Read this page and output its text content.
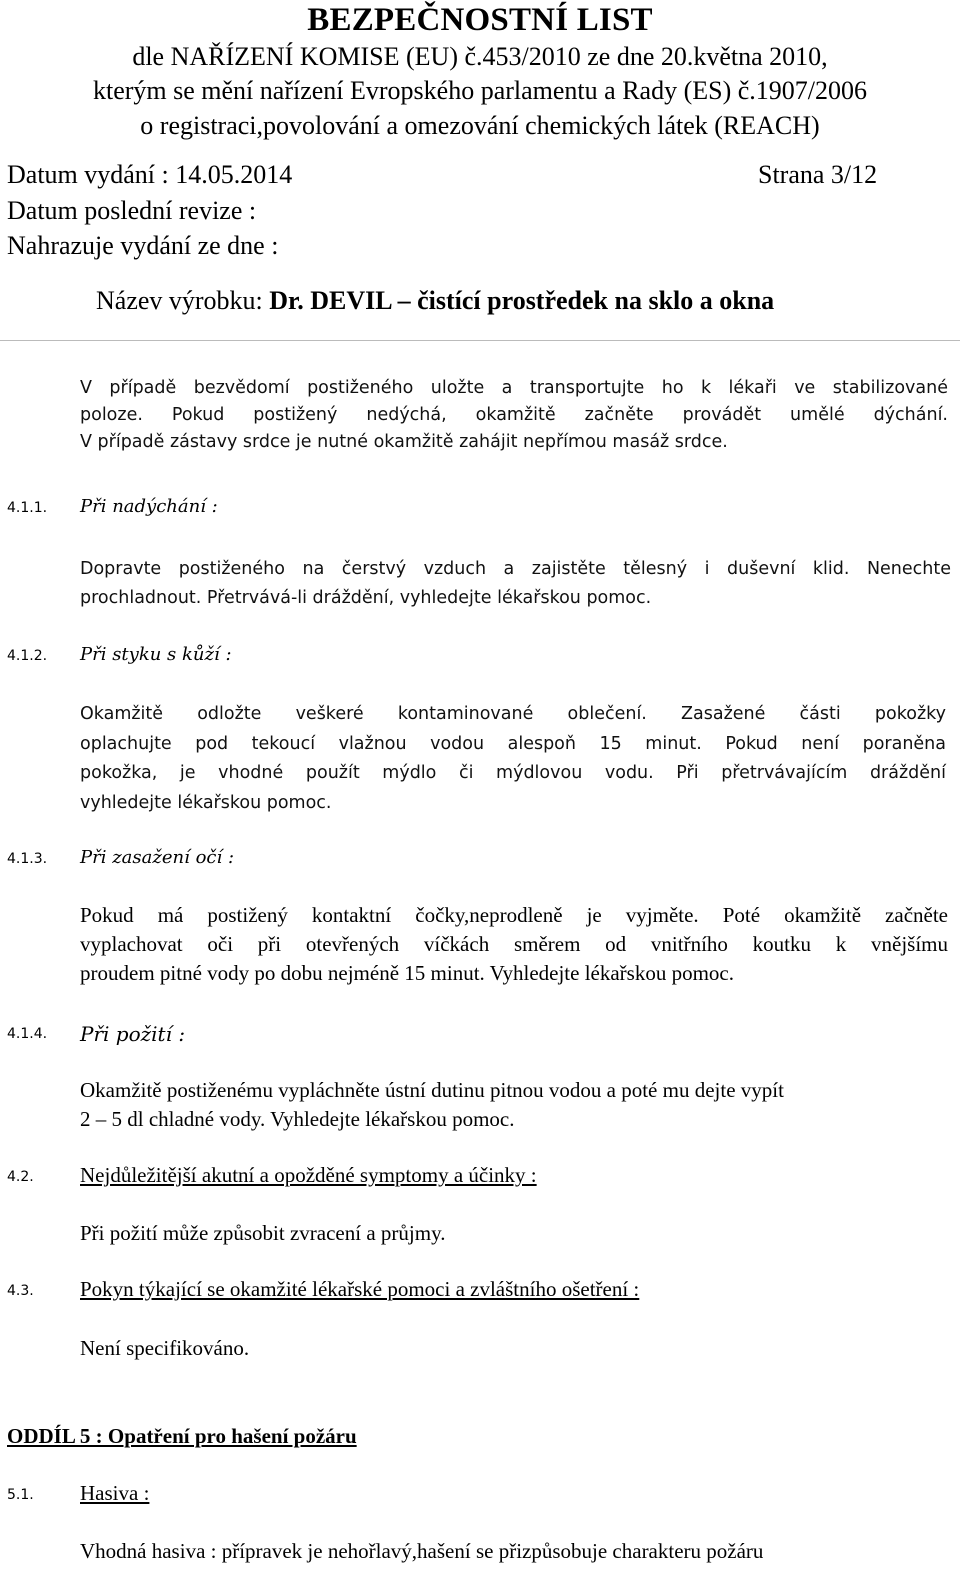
BEZPEČNOSTNÍ LIST
dle NAŘÍZENÍ KOMISE (EU) č.453/2010 ze dne 20.května 2010,
kterým se mění nařízení Evropského parlamentu a Rady (ES) č.1907/2006
o registraci,povolování a omezování chemických látek (REACH)
Datum vydání : 14.05.2014	Strana 3/12
Datum poslední revize :
Nahrazuje vydání ze dne :
Název výrobku: Dr. DEVIL – čistící prostředek na sklo a okna
V případě bezvědomí postiženého uložte a transportujte ho k lékaři ve stabilizované
poloze. Pokud postižený nedýchá, okamžitě začněte provádět umělé dýchání.
V případě zástavy srdce je nutné okamžitě zahájit nepřímou masáž srdce.
4.1.1. Při nadýchání :
Dopravte postiženého na čerstvý vzduch a zajistěte tělesný i duševní klid. Nenechte
prochladnout. Přetrvává-li dráždění, vyhledejte lékařskou pomoc.
4.1.2. Při styku s kůží :
Okamžitě odložte veškeré kontaminované oblečení. Zasažené části pokožky
oplachujte pod tekoucí vlažnou vodou alespoň 15 minut. Pokud není poraněna
pokožka, je vhodné použít mýdlo či mýdlovou vodu. Při přetrvávajícím dráždění
vyhledejte lékařskou pomoc.
4.1.3. Při zasažení očí :
Pokud má postižený kontaktní čočky,neprodleně je vyjměte. Poté okamžitě začněte
vyplachovat oči při otevřených víčkách směrem od vnitřního koutku k vnějšímu
proudem pitné vody po dobu nejméně 15 minut. Vyhledejte lékařskou pomoc.
4.1.4. Při požití :
Okamžitě postiženému vypláchněte ústní dutinu pitnou vodou a poté mu dejte vypít
2 – 5 dl chladné vody. Vyhledejte lékařskou pomoc.
4.2. Nejdůležitější akutní a opožděné symptomy a účinky :
Při požití může způsobit zvracení a průjmy.
4.3. Pokyn týkající se okamžité lékařské pomoci a zvláštního ošetření :
Není specifikováno.
ODDÍL 5 : Opatření pro hašení požáru
5.1. Hasiva :
Vhodná hasiva : přípravek je nehořlavý,hašení se přizpůsobuje charakteru požáru
